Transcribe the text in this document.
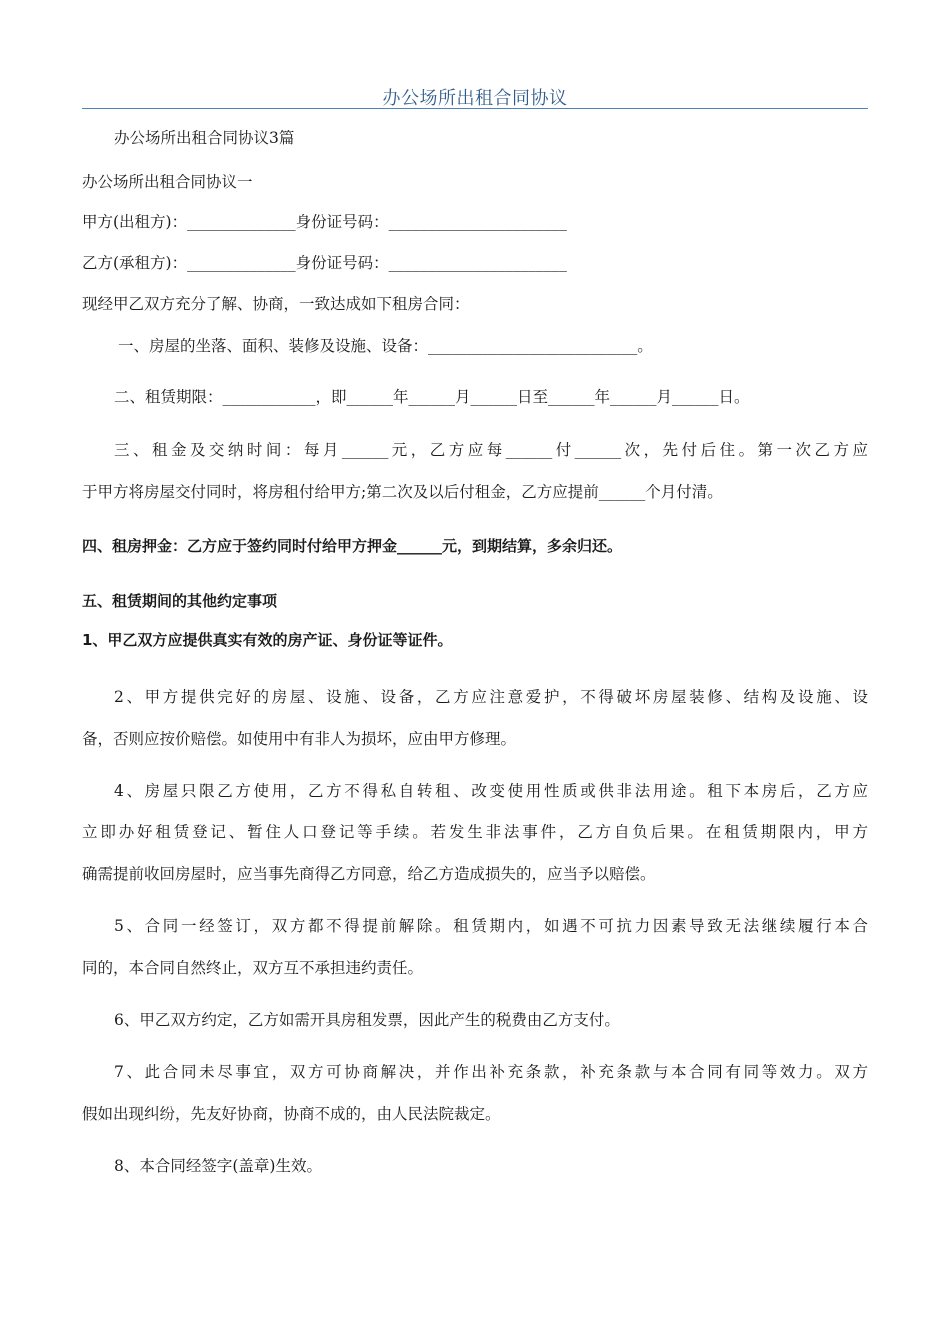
办公场所出租合同协议
办公场所出租合同协议3篇
办公场所出租合同协议一
甲方(出租方)：______________身份证号码：_______________________
乙方(承租方)：______________身份证号码：_______________________
现经甲乙双方充分了解、协商，一致达成如下租房合同：
一、房屋的坐落、面积、装修及设施、设备：___________________________。
二、租赁期限：____________，即______年______月______日至______年______月______日。
三、租金及交纳时间：每月______元，乙方应每______付______次，先付后住。第一次乙方应
于甲方将房屋交付同时，将房租付给甲方;第二次及以后付租金，乙方应提前______个月付清。
四、租房押金：乙方应于签约同时付给甲方押金______元，到期结算，多余归还。
五、租赁期间的其他约定事项
1、甲乙双方应提供真实有效的房产证、身份证等证件。
2、甲方提供完好的房屋、设施、设备，乙方应注意爱护，不得破坏房屋装修、结构及设施、设
备，否则应按价赔偿。如使用中有非人为损坏，应由甲方修理。
4、房屋只限乙方使用，乙方不得私自转租、改变使用性质或供非法用途。租下本房后，乙方应
立即办好租赁登记、暂住人口登记等手续。若发生非法事件，乙方自负后果。在租赁期限内，甲方
确需提前收回房屋时，应当事先商得乙方同意，给乙方造成损失的，应当予以赔偿。
5、合同一经签订，双方都不得提前解除。租赁期内，如遇不可抗力因素导致无法继续履行本合
同的，本合同自然终止，双方互不承担违约责任。
6、甲乙双方约定，乙方如需开具房租发票，因此产生的税费由乙方支付。
7、此合同未尽事宜，双方可协商解决，并作出补充条款，补充条款与本合同有同等效力。双方
假如出现纠纷，先友好协商，协商不成的，由人民法院裁定。
8、本合同经签字(盖章)生效。
